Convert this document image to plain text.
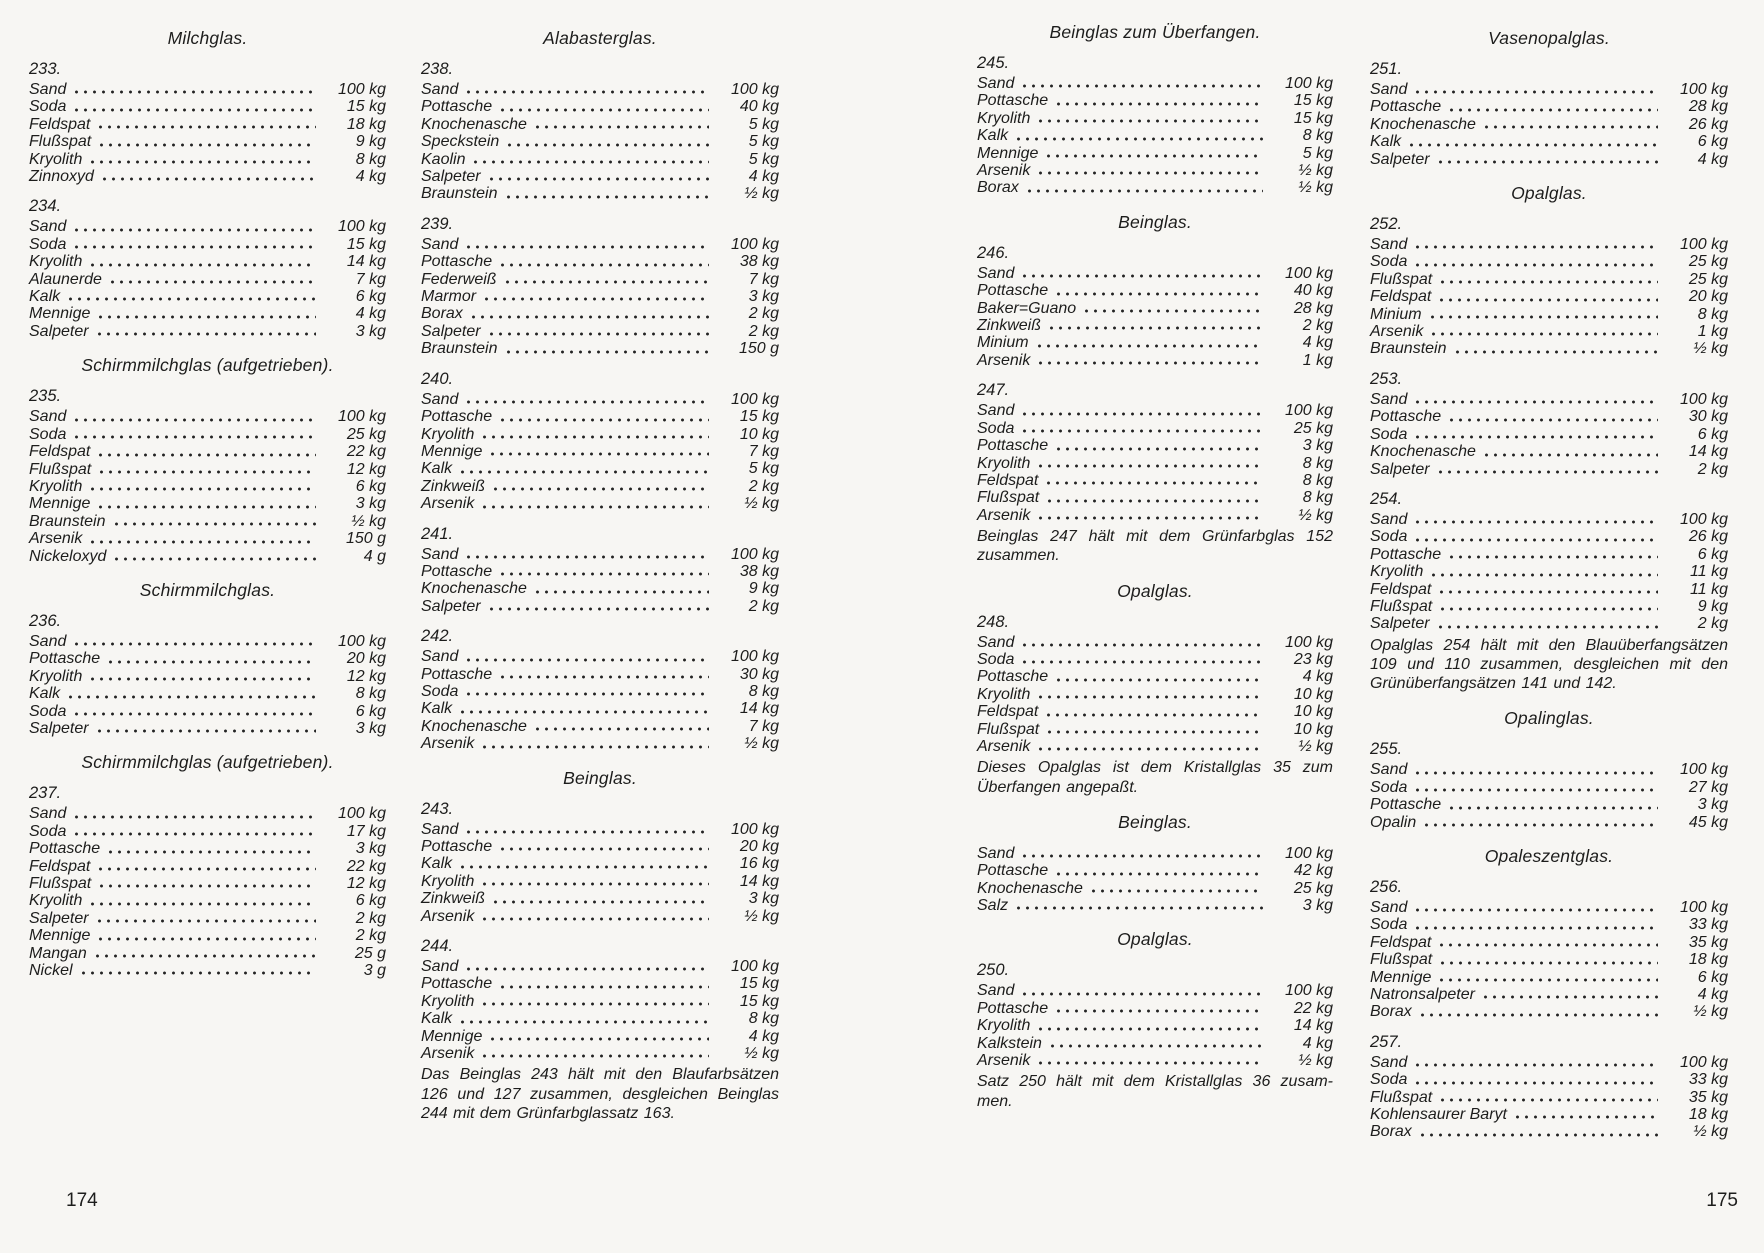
Milchglas.
233.
Sand	100 kg
Soda	15 kg
Feldspat	18 kg
Flußspat	9 kg
Kryolith	8 kg
Zinnoxyd	4 kg
234.
Sand	100 kg
Soda	15 kg
Kryolith	14 kg
Alaunerde	7 kg
Kalk	6 kg
Mennige	4 kg
Salpeter	3 kg
Schirmmilchglas (aufgetrieben).
235.
Sand	100 kg
Soda	25 kg
Feldspat	22 kg
Flußspat	12 kg
Kryolith	6 kg
Mennige	3 kg
Braunstein	½ kg
Arsenik	150 g
Nickeloxyd	4 g
Schirmmilchglas.
236.
Sand	100 kg
Pottasche	20 kg
Kryolith	12 kg
Kalk	8 kg
Soda	6 kg
Salpeter	3 kg
Schirmmilchglas (aufgetrieben).
237.
Sand	100 kg
Soda	17 kg
Pottasche	3 kg
Feldspat	22 kg
Flußspat	12 kg
Kryolith	6 kg
Salpeter	2 kg
Mennige	2 kg
Mangan	25 g
Nickel	3 g
Alabasterglas.
238.
Sand	100 kg
Pottasche	40 kg
Knochenasche	5 kg
Speckstein	5 kg
Kaolin	5 kg
Salpeter	4 kg
Braunstein	½ kg
239.
Sand	100 kg
Pottasche	38 kg
Federweiß	7 kg
Marmor	3 kg
Borax	2 kg
Salpeter	2 kg
Braunstein	150 g
240.
Sand	100 kg
Pottasche	15 kg
Kryolith	10 kg
Mennige	7 kg
Kalk	5 kg
Zinkweiß	2 kg
Arsenik	½ kg
241.
Sand	100 kg
Pottasche	38 kg
Knochenasche	9 kg
Salpeter	2 kg
242.
Sand	100 kg
Pottasche	30 kg
Soda	8 kg
Kalk	14 kg
Knochenasche	7 kg
Arsenik	½ kg
Beinglas.
243.
Sand	100 kg
Pottasche	20 kg
Kalk	16 kg
Kryolith	14 kg
Zinkweiß	3 kg
Arsenik	½ kg
244.
Sand	100 kg
Pottasche	15 kg
Kryolith	15 kg
Kalk	8 kg
Mennige	4 kg
Arsenik	½ kg
Das Beinglas 243 hält mit den Blaufarbsätzen
126 und 127 zusammen, desgleichen Beinglas
244 mit dem Grünfarbglassatz 163.
174
Beinglas zum Überfangen.
245.
Sand	100 kg
Pottasche	15 kg
Kryolith	15 kg
Kalk	8 kg
Mennige	5 kg
Arsenik	½ kg
Borax	½ kg
Beinglas.
246.
Sand	100 kg
Pottasche	40 kg
Baker=Guano	28 kg
Zinkweiß	2 kg
Minium	4 kg
Arsenik	1 kg
247.
Sand	100 kg
Soda	25 kg
Pottasche	3 kg
Kryolith	8 kg
Feldspat	8 kg
Flußspat	8 kg
Arsenik	½ kg
Beinglas 247 hält mit dem Grünfarbglas 152
zusammen.
Opalglas.
248.
Sand	100 kg
Soda	23 kg
Pottasche	4 kg
Kryolith	10 kg
Feldspat	10 kg
Flußspat	10 kg
Arsenik	½ kg
Dieses Opalglas ist dem Kristallglas 35 zum
Überfangen angepaßt.
Beinglas.
Sand	100 kg
Pottasche	42 kg
Knochenasche	25 kg
Salz	3 kg
Opalglas.
250.
Sand	100 kg
Pottasche	22 kg
Kryolith	14 kg
Kalkstein	4 kg
Arsenik	½ kg
Satz 250 hält mit dem Kristallglas 36 zusam-
men.
Vasenopalglas.
251.
Sand	100 kg
Pottasche	28 kg
Knochenasche	26 kg
Kalk	6 kg
Salpeter	4 kg
Opalglas.
252.
Sand	100 kg
Soda	25 kg
Flußspat	25 kg
Feldspat	20 kg
Minium	8 kg
Arsenik	1 kg
Braunstein	½ kg
253.
Sand	100 kg
Pottasche	30 kg
Soda	6 kg
Knochenasche	14 kg
Salpeter	2 kg
254.
Sand	100 kg
Soda	26 kg
Pottasche	6 kg
Kryolith	11 kg
Feldspat	11 kg
Flußspat	9 kg
Salpeter	2 kg
Opalglas 254 hält mit den Blauüberfangsätzen
109 und 110 zusammen, desgleichen mit den
Grünüberfangsätzen 141 und 142.
Opalinglas.
255.
Sand	100 kg
Soda	27 kg
Pottasche	3 kg
Opalin	45 kg
Opaleszentglas.
256.
Sand	100 kg
Soda	33 kg
Feldspat	35 kg
Flußspat	18 kg
Mennige	6 kg
Natronsalpeter	4 kg
Borax	½ kg
257.
Sand	100 kg
Soda	33 kg
Flußspat	35 kg
Kohlensaurer Baryt	18 kg
Borax	½ kg
175
